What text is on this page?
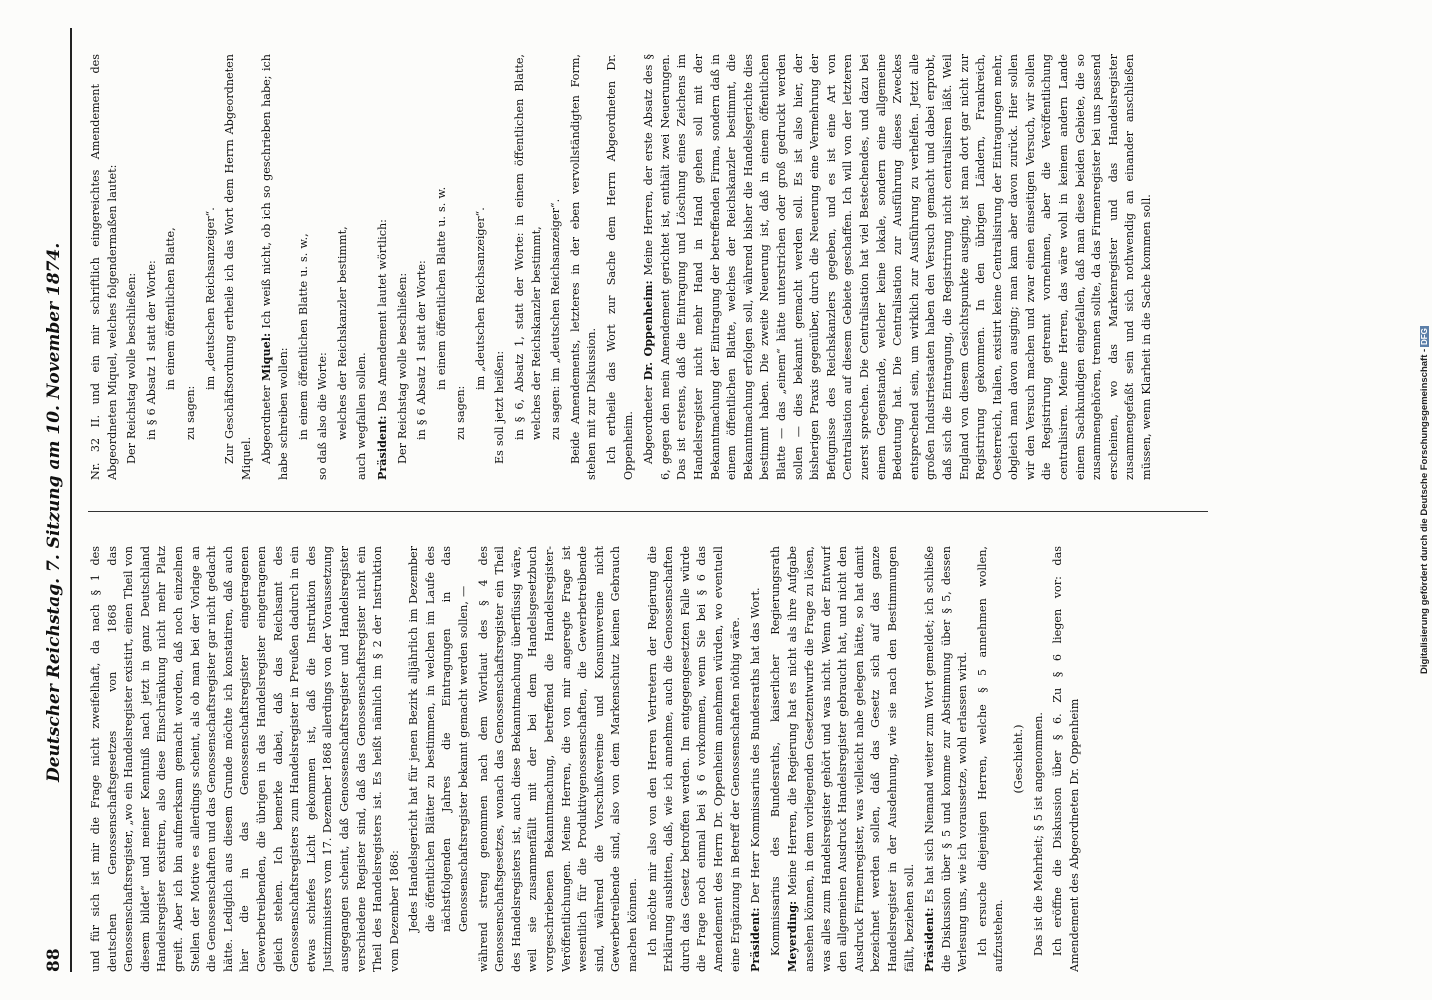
88
Deutscher Reichstag. 7. Sitzung am 10. November 1874. und für sich ist mir die Frage nicht zweifelhaft, da nach § 1 des deutschen Genossenschaftsgesetzes von 1868 das Genossenschaftsregister, „wo ein Handelsregister existirt, einen Theil von diesem bildet“ und meiner Kenntniß nach jetzt in ganz Deutschland Handelsregister existiren, also diese Einschränkung nicht mehr Platz greift. Aber ich bin aufmerksam gemacht worden, daß noch einzelnen Stellen der Motive es allerdings scheint, als ob man bei der Vorlage an die Genossenschaften und das Genossenschaftsregister gar nicht gedacht hätte. Lediglich aus diesem Grunde möchte ich konstatiren, daß auch hier die in das Genossenschaftsregister eingetragenen Gewerbetreibenden, die übrigen in das Handelsregister eingetragenen gleich stehen. Ich bemerke dabei, daß das Reichsamt des Genossenschaftsregisters zum Handelsregister in Preußen dadurch in ein etwas schiefes Licht gekommen ist, daß die Instruktion des Justizministers vom 17. Dezember 1868 allerdings von der Voraussetzung ausgegangen scheint, daß Genossenschaftsregister und Handelsregister verschiedene Register sind, daß das Genossenschaftsregister nicht ein Theil des Handelsregisters ist. Es heißt nämlich im § 2 der Instruktion vom Dezember 1868: Jedes Handelsgericht hat für jenen Bezirk alljährlich im Dezember die öffentlichen Blätter zu bestimmen, in welchen im Laufe des nächstfolgenden Jahres die Eintragungen in das Genossenschaftsregister bekannt gemacht werden sollen, — während streng genommen nach dem Wortlaut des § 4 des Genossenschaftsgesetzes, wonach das Genossenschaftsregister ein Theil des Handelsregisters ist, auch diese Bekanntmachung überflüssig wäre, weil sie zusammenfällt mit der bei dem Handelsgesetzbuch vorgeschriebenen Bekanntmachung, betreffend die Handelsregister-Veröffentlichungen. Meine Herren, die von mir angeregte Frage ist wesentlich für die Produktivgenossenschaften, die Gewerbetreibende sind, während die Vorschußvereine und Konsumvereine nicht Gewerbetreibende sind, also von dem Markenschutz keinen Gebrauch machen können. Ich möchte mir also von den Herren Vertretern der Regierung die Erklärung ausbitten, daß, wie ich annehme, auch die Genossenschaften durch das Gesetz betroffen werden. Im entgegengesetzten Falle würde die Frage noch einmal bei § 6 vorkommen, wenn Sie bei § 6 das Amendement des Herrn Dr. Oppenheim annehmen würden, wo eventuell eine Ergänzung in Betreff der Genossenschaften nöthig wäre. Präsident: Der Herr Kommissarius des Bundesraths hat das Wort. Kommissarius des Bundesraths, kaiserlicher Regierungsrath Meyerding: Meine Herren, die Regierung hat es nicht als ihre Aufgabe ansehen können, in dem vorliegenden Gesetzentwurfe die Frage zu lösen, was alles zum Handelsregister gehört und was nicht. Wenn der Entwurf den allgemeinen Ausdruck Handelsregister gebraucht hat, und nicht den Ausdruck Firmenregister, was vielleicht nahe gelegen hätte, so hat damit bezeichnet werden sollen, daß das Gesetz sich auf das ganze Handelsregister in der Ausdehnung, wie sie nach den Bestimmungen fällt, beziehen soll. Präsident: Es hat sich Niemand weiter zum Wort gemeldet; ich schließe die Diskussion über § 5 und komme zur Abstimmung über § 5, dessen Verlesung uns, wie ich voraussetze, wohl erlassen wird. Ich ersuche diejenigen Herren, welche § 5 annehmen wollen, aufzustehen.

(Geschieht.) Das ist die Mehrheit; § 5 ist angenommen. Ich eröffne die Diskussion über § 6. Zu § 6 liegen vor: das Amendement des Abgeordneten Dr. Oppenheim

Nr. 32 II. und ein mir schriftlich eingereichtes Amendement des Abgeordneten Miquel, welches folgendermaßen lautet: Der Reichstag wolle beschließen: in § 6 Absatz 1 statt der Worte: in einem öffentlichen Blatte,

zu sagen:

im „deutschen Reichsanzeiger“. Zur Geschäftsordnung ertheile ich das Wort dem Herrn Abgeordneten Miquel. Abgeordneter Miquel: Ich weiß nicht, ob ich so geschrieben habe; ich habe schreiben wollen: in einem öffentlichen Blatte u. s. w., so daß also die Worte: welches der Reichskanzler bestimmt, auch wegfallen sollen. Präsident: Das Amendement lautet wörtlich: Der Reichstag wolle beschließen: in § 6 Absatz 1 statt der Worte: in einem öffentlichen Blatte u. s. w.

zu sagen:

im „deutschen Reichsanzeiger“.

Es soll jetzt heißen: in § 6, Absatz 1, statt der Worte: in einem öffentlichen Blatte, welches der Reichskanzler bestimmt, zu sagen: im „deutschen Reichsanzeiger“. Beide Amendements, letzteres in der eben vervollständigten Form, stehen mit zur Diskussion. Ich ertheile das Wort zur Sache dem Herrn Abgeordneten Dr. Oppenheim. Abgeordneter Dr. Oppenheim: Meine Herren, der erste Absatz des § 6, gegen den mein Amendement gerichtet ist, enthält zwei Neuerungen. Das ist erstens, daß die Eintragung und Löschung eines Zeichens im Handelsregister nicht mehr Hand in Hand gehen soll mit der Bekanntmachung der Eintragung der betreffenden Firma, sondern daß in einem öffentlichen Blatte, welches der Reichskanzler bestimmt, die Bekanntmachung erfolgen soll, während bisher die Handelsgerichte dies bestimmt haben. Die zweite Neuerung ist, daß in einem öffentlichen Blatte — das „einem“ hätte unterstrichen oder groß gedruckt werden sollen — dies bekannt gemacht werden soll. Es ist also hier, der bisherigen Praxis gegenüber, durch die Neuerung eine Vermehrung der Befugnisse des Reichskanzlers gegeben, und es ist eine Art von Centralisation auf diesem Gebiete geschaffen. Ich will von der letzteren zuerst sprechen. Die Centralisation hat viel Bestechendes, und dazu bei einem Gegenstande, welcher keine lokale, sondern eine allgemeine Bedeutung hat. Die Centralisation zur Ausführung dieses Zweckes entsprechend sein, um wirklich zur Ausführung zu verhelfen. Jetzt alle großen Industriestaaten haben den Versuch gemacht und dabei erprobt, daß sich die Eintragung, die Registrirung nicht centralisiren läßt. Weil England von diesem Gesichtspunkte ausging, ist man dort gar nicht zur Registrirung gekommen. In den übrigen Ländern, Frankreich, Oesterreich, Italien, existirt keine Centralisirung der Eintragungen mehr, obgleich man davon ausging; man kam aber davon zurück. Hier sollen wir den Versuch machen und zwar einen einseitigen Versuch, wir sollen die Registrirung getrennt vornehmen, aber die Veröffentlichung centralisiren. Meine Herren, das wäre wohl in keinem andern Lande einem Sachkundigen eingefallen, daß man diese beiden Gebiete, die so zusammengehören, trennen sollte, da das Firmenregister bei uns passend erscheinen, wo das Markenregister und das Handelsregister zusammengefaßt sein und sich nothwendig an einander anschließen müssen, wenn Klarheit in die Sache kommen soll.

Digitalisierung gefördert durch die Deutsche Forschungsgemeinschaft - DFG
